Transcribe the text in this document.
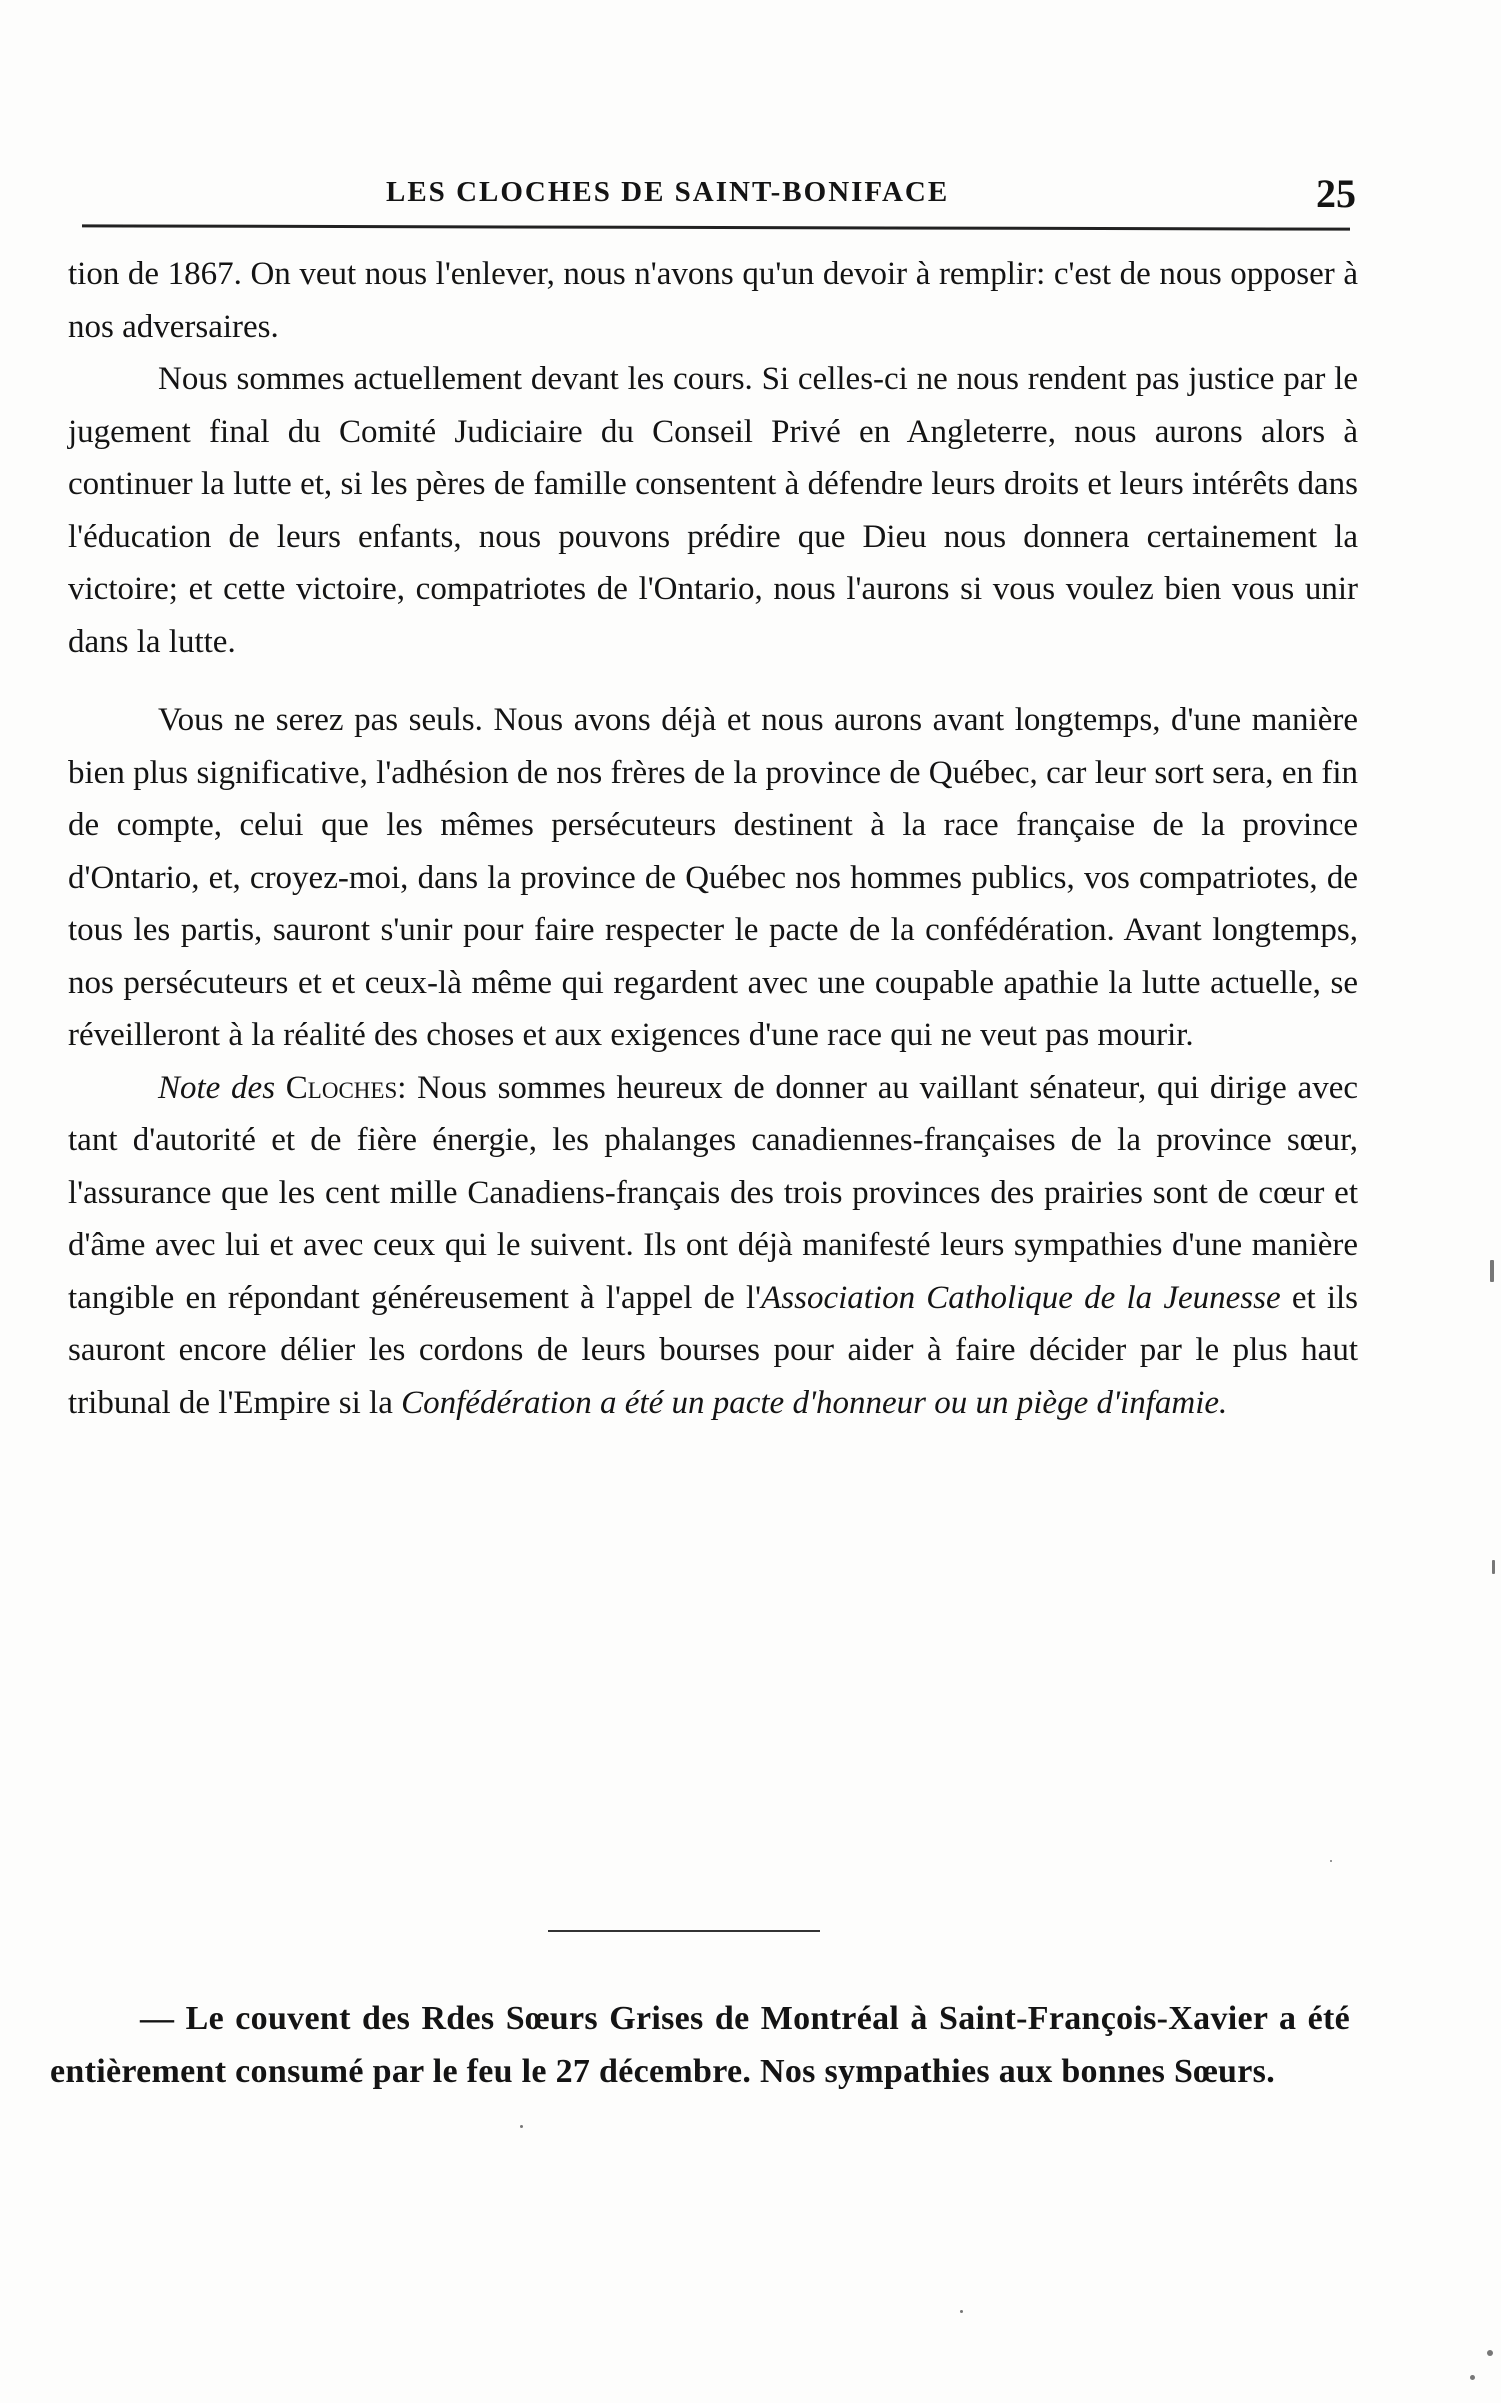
LES CLOCHES DE SAINT-BONIFACE	25

tion de 1867. On veut nous l'enlever, nous n'avons qu'un devoir à remplir: c'est de nous opposer à nos adversaires.

Nous sommes actuellement devant les cours. Si celles-ci ne nous rendent pas justice par le jugement final du Comité Judiciaire du Conseil Privé en Angleterre, nous aurons alors à continuer la lutte et, si les pères de famille consentent à défendre leurs droits et leurs intérêts dans l'éducation de leurs enfants, nous pouvons prédire que Dieu nous donnera certainement la victoire; et cette victoire, compatriotes de l'Ontario, nous l'aurons si vous voulez bien vous unir dans la lutte.

Vous ne serez pas seuls. Nous avons déjà et nous aurons avant longtemps, d'une manière bien plus significative, l'adhésion de nos frères de la province de Québec, car leur sort sera, en fin de compte, celui que les mêmes persécuteurs destinent à la race française de la province d'Ontario, et, croyez-moi, dans la province de Québec nos hommes publics, vos compatriotes, de tous les partis, sauront s'unir pour faire respecter le pacte de la confédération. Avant longtemps, nos persécuteurs et et ceux-là même qui regardent avec une coupable apathie la lutte actuelle, se réveilleront à la réalité des choses et aux exigences d'une race qui ne veut pas mourir.

Note des Cloches: Nous sommes heureux de donner au vaillant sénateur, qui dirige avec tant d'autorité et de fière énergie, les phalanges canadiennes-françaises de la province sœur, l'assurance que les cent mille Canadiens-français des trois provinces des prairies sont de cœur et d'âme avec lui et avec ceux qui le suivent. Ils ont déjà manifesté leurs sympathies d'une manière tangible en répondant généreusement à l'appel de l'Association Catholique de la Jeunesse et ils sauront encore délier les cordons de leurs bourses pour aider à faire décider par le plus haut tribunal de l'Empire si la Confédération a été un pacte d'honneur ou un piège d'infamie.

— Le couvent des Rdes Sœurs Grises de Montréal à Saint-François-Xavier a été entièrement consumé par le feu le 27 décembre. Nos sympathies aux bonnes Sœurs.
